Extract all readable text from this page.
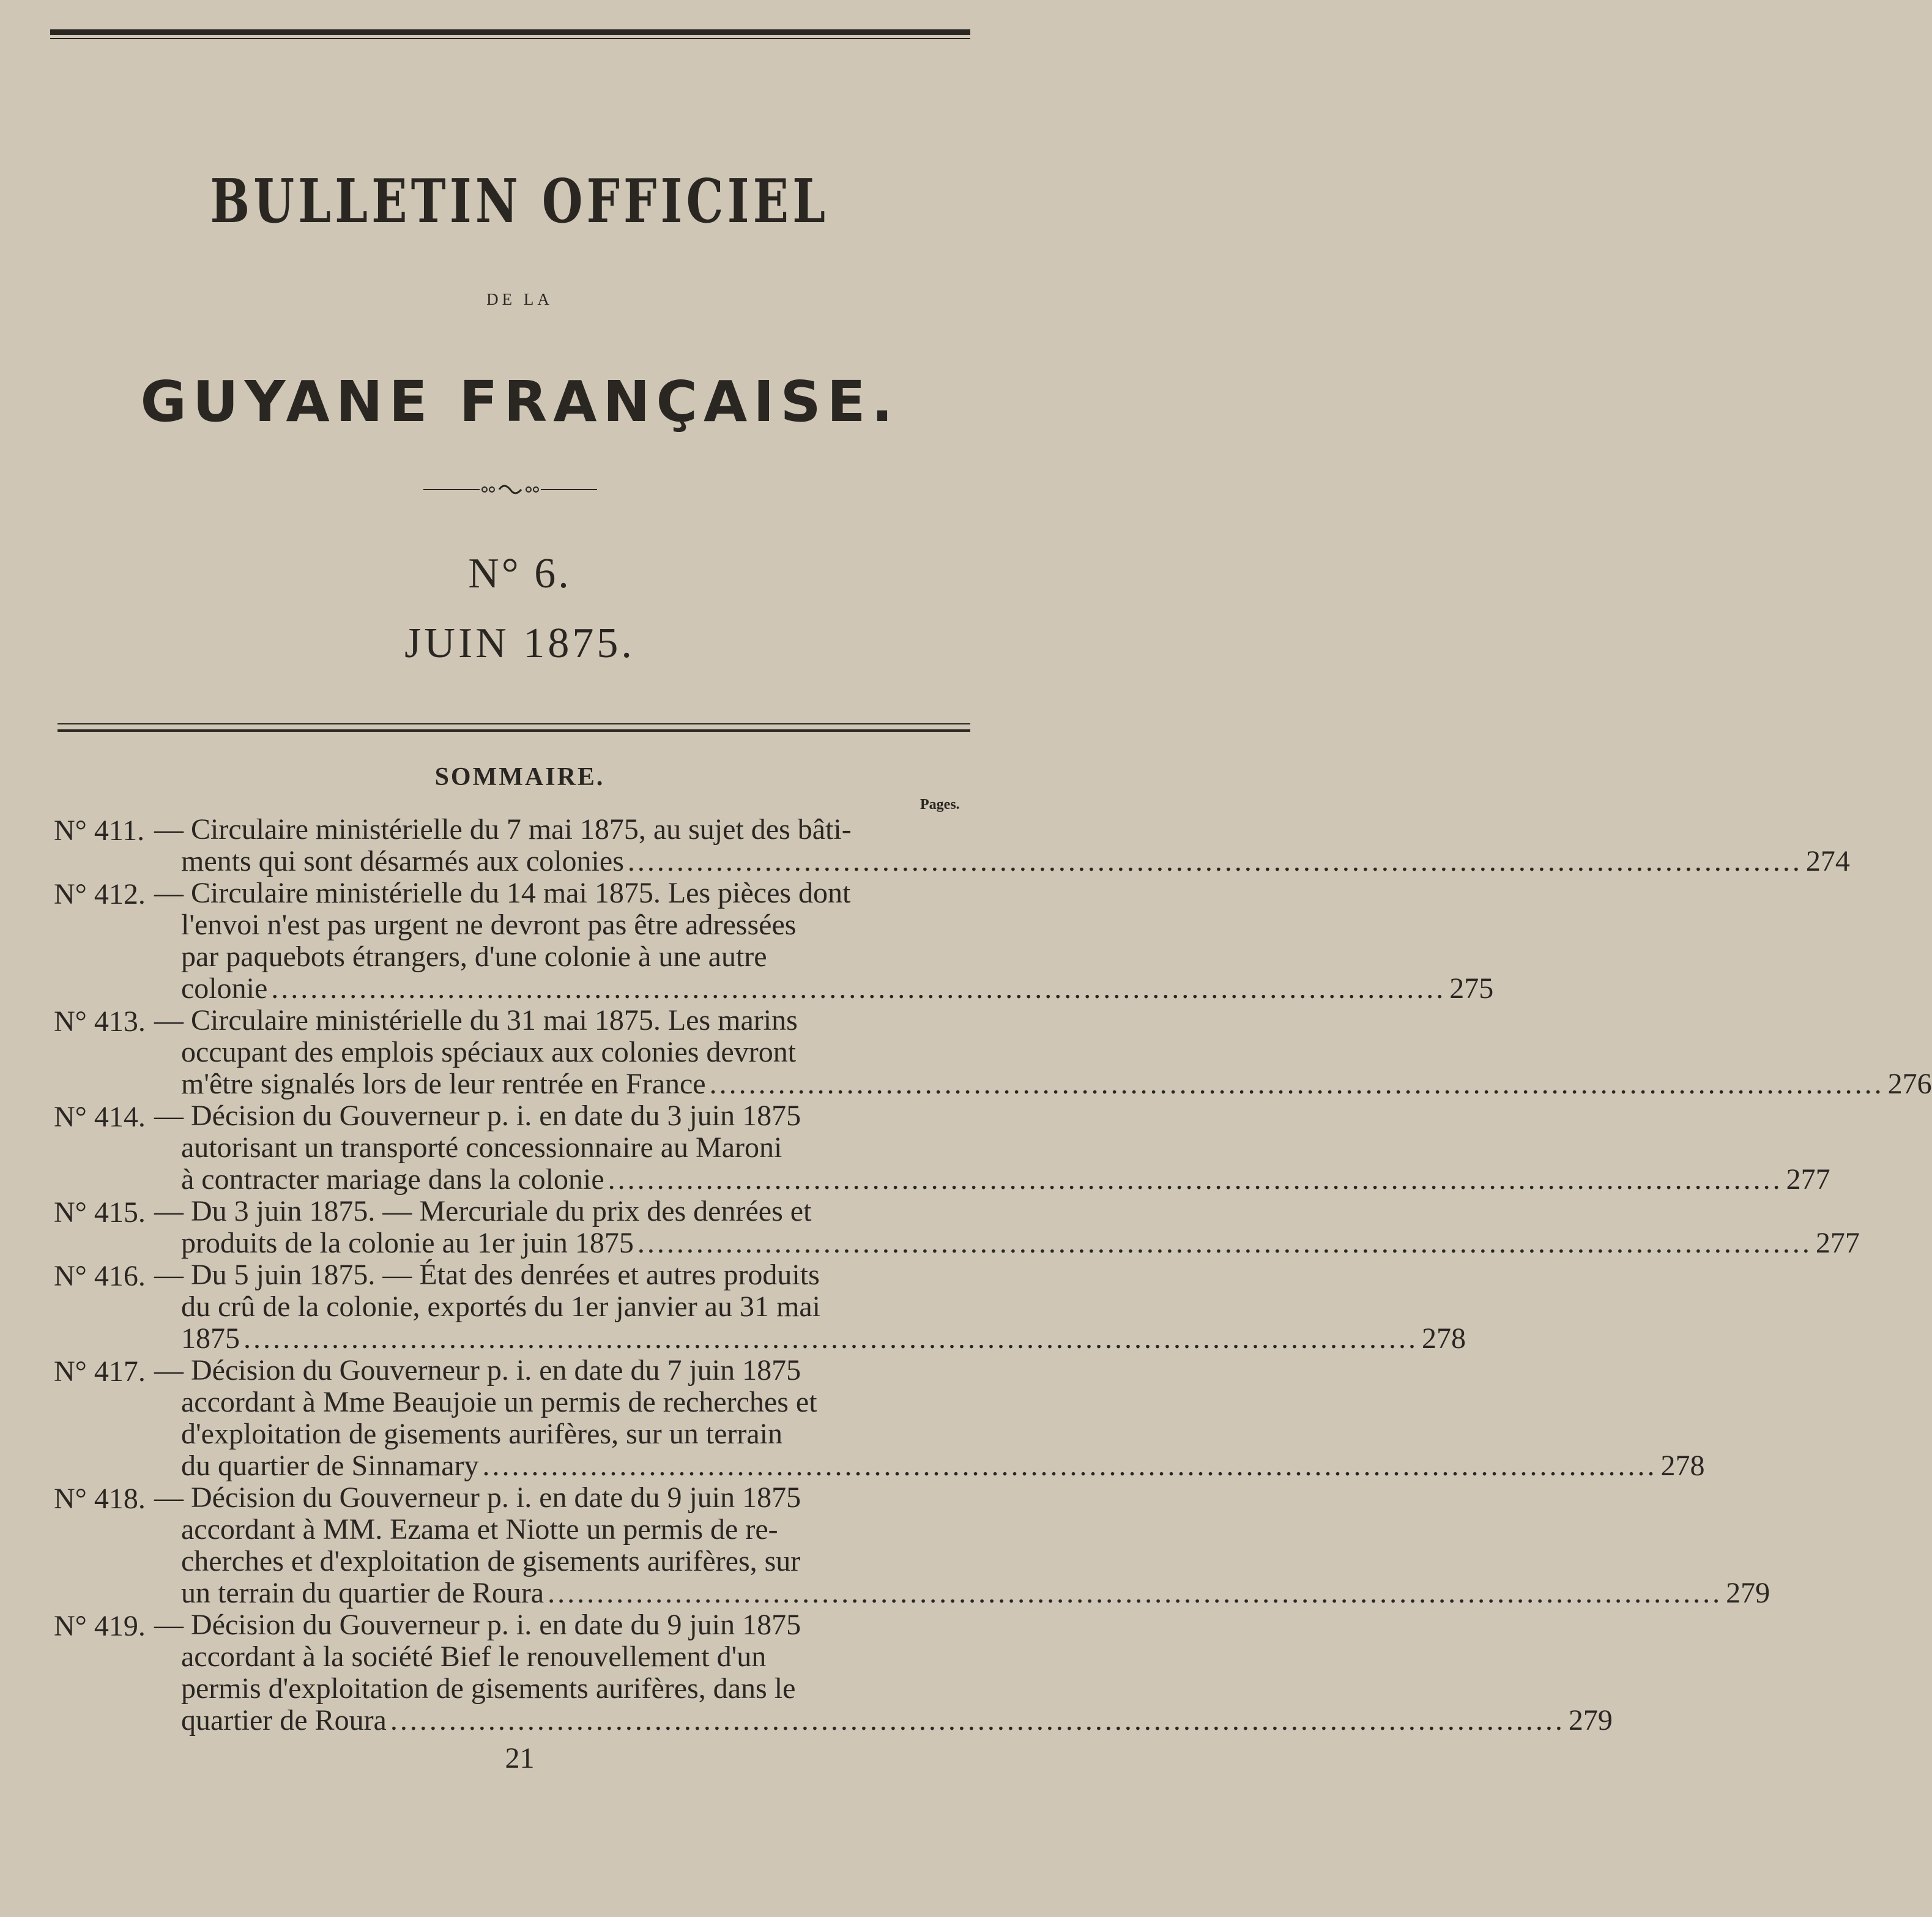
BULLETIN OFFICIEL
DE LA
GUYANE FRANÇAISE.
N° 6.
JUIN 1875.
SOMMAIRE.
Pages.
N° 411. — Circulaire ministérielle du 7 mai 1875, au sujet des bâti-
ments qui sont désarmés aux colonies ........................................................................................................................ 274
N° 412. — Circulaire ministérielle du 14 mai 1875. Les pièces dont
l'envoi n'est pas urgent ne devront pas être adressées
par paquebots étrangers, d'une colonie à une autre
colonie ........................................................................................................................ 275
N° 413. — Circulaire ministérielle du 31 mai 1875. Les marins
occupant des emplois spéciaux aux colonies devront
m'être signalés lors de leur rentrée en France ........................................................................................................................ 276
N° 414. — Décision du Gouverneur p. i. en date du 3 juin 1875
autorisant un transporté concessionnaire au Maroni
à contracter mariage dans la colonie ........................................................................................................................ 277
N° 415. — Du 3 juin 1875. — Mercuriale du prix des denrées et
produits de la colonie au 1er juin 1875 ........................................................................................................................ 277
N° 416. — Du 5 juin 1875. — État des denrées et autres produits
du crû de la colonie, exportés du 1er janvier au 31 mai
1875 ........................................................................................................................ 278
N° 417. — Décision du Gouverneur p. i. en date du 7 juin 1875
accordant à Mme Beaujoie un permis de recherches et
d'exploitation de gisements aurifères, sur un terrain
du quartier de Sinnamary ........................................................................................................................ 278
N° 418. — Décision du Gouverneur p. i. en date du 9 juin 1875
accordant à MM. Ezama et Niotte un permis de re-
cherches et d'exploitation de gisements aurifères, sur
un terrain du quartier de Roura ........................................................................................................................ 279
N° 419. — Décision du Gouverneur p. i. en date du 9 juin 1875
accordant à la société Bief le renouvellement d'un
permis d'exploitation de gisements aurifères, dans le
quartier de Roura ........................................................................................................................ 279
21
